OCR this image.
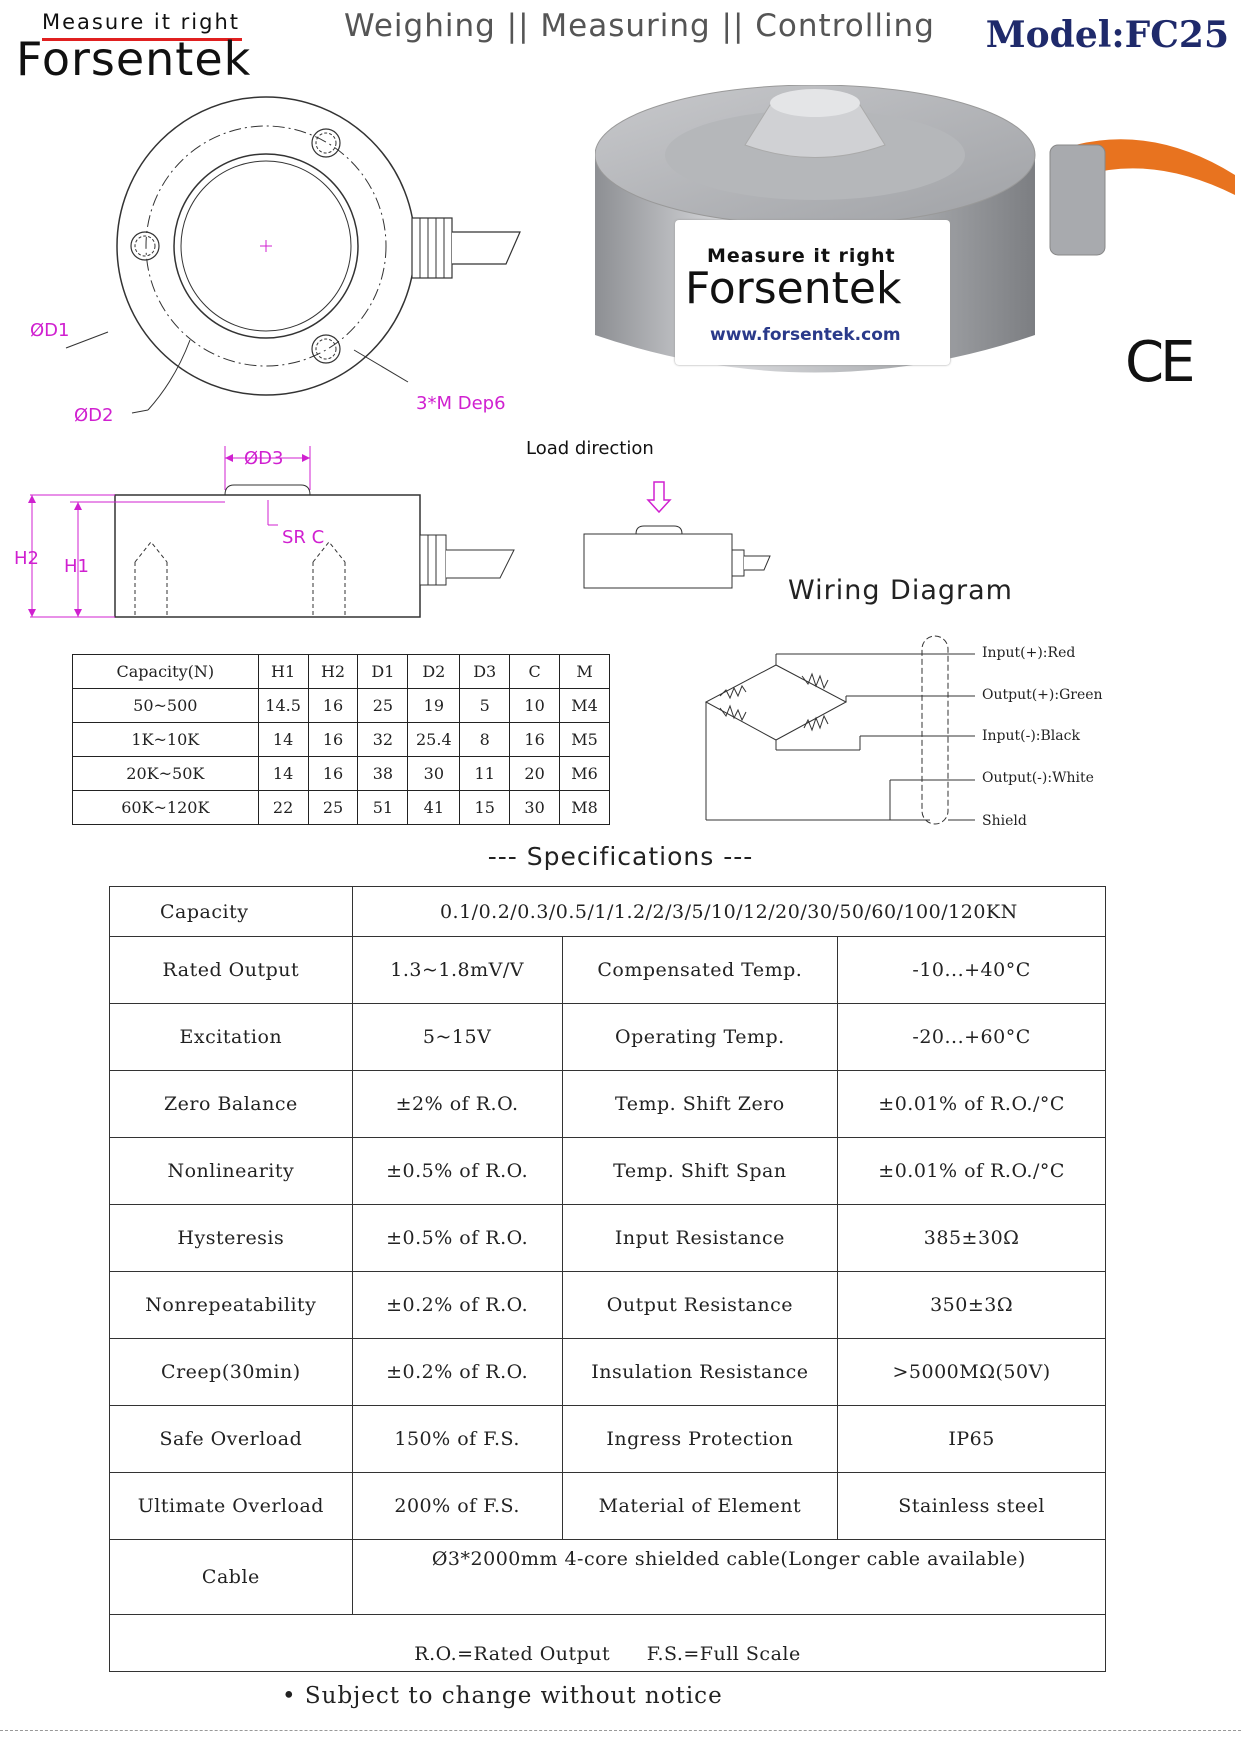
Measure it right
Forsentek
Weighing || Measuring || Controlling Model:FC25
ØD1
ØD2
3*M Dep6
Measure it right
Forsentek
www.forsentek.com	CE
ØD3
SR C
H2 H1
Load direction
Wiring Diagram
Input(+):Red
Output(+):Green
Input(-):Black
Output(-):White
Shield
Capacity(N)	H1	H2	D1	D2	D3	C	M
50~500	14.5	16	25	19	5	10	M4
1K~10K	14	16	32	25.4	8	16	M5
20K~50K	14	16	38	30	11	20	M6
60K~120K	22	25	51	41	15	30	M8
--- Specifications ---
Capacity	0.1/0.2/0.3/0.5/1/1.2/2/3/5/10/12/20/30/50/60/100/120KN		
Rated Output	1.3~1.8mV/V	Compensated Temp.	-10...+40°C
Excitation	5~15V	Operating Temp.	-20...+60°C
Zero Balance	±2% of R.O.	Temp. Shift Zero	±0.01% of R.O./°C
Nonlinearity	±0.5% of R.O.	Temp. Shift Span	±0.01% of R.O./°C
Hysteresis	±0.5% of R.O.	Input Resistance	385±30Ω
Nonrepeatability	±0.2% of R.O.	Output Resistance	350±3Ω
Creep(30min)	±0.2% of R.O.	Insulation Resistance	>5000MΩ(50V)
Safe Overload	150% of F.S.	Ingress Protection	IP65
Ultimate Overload	200% of F.S.	Material of Element	Stainless steel
Cable	Ø3*2000mm 4-core shielded cable(Longer cable available)		
R.O.=Rated Output F.S.=Full Scale			
• Subject to change without notice
